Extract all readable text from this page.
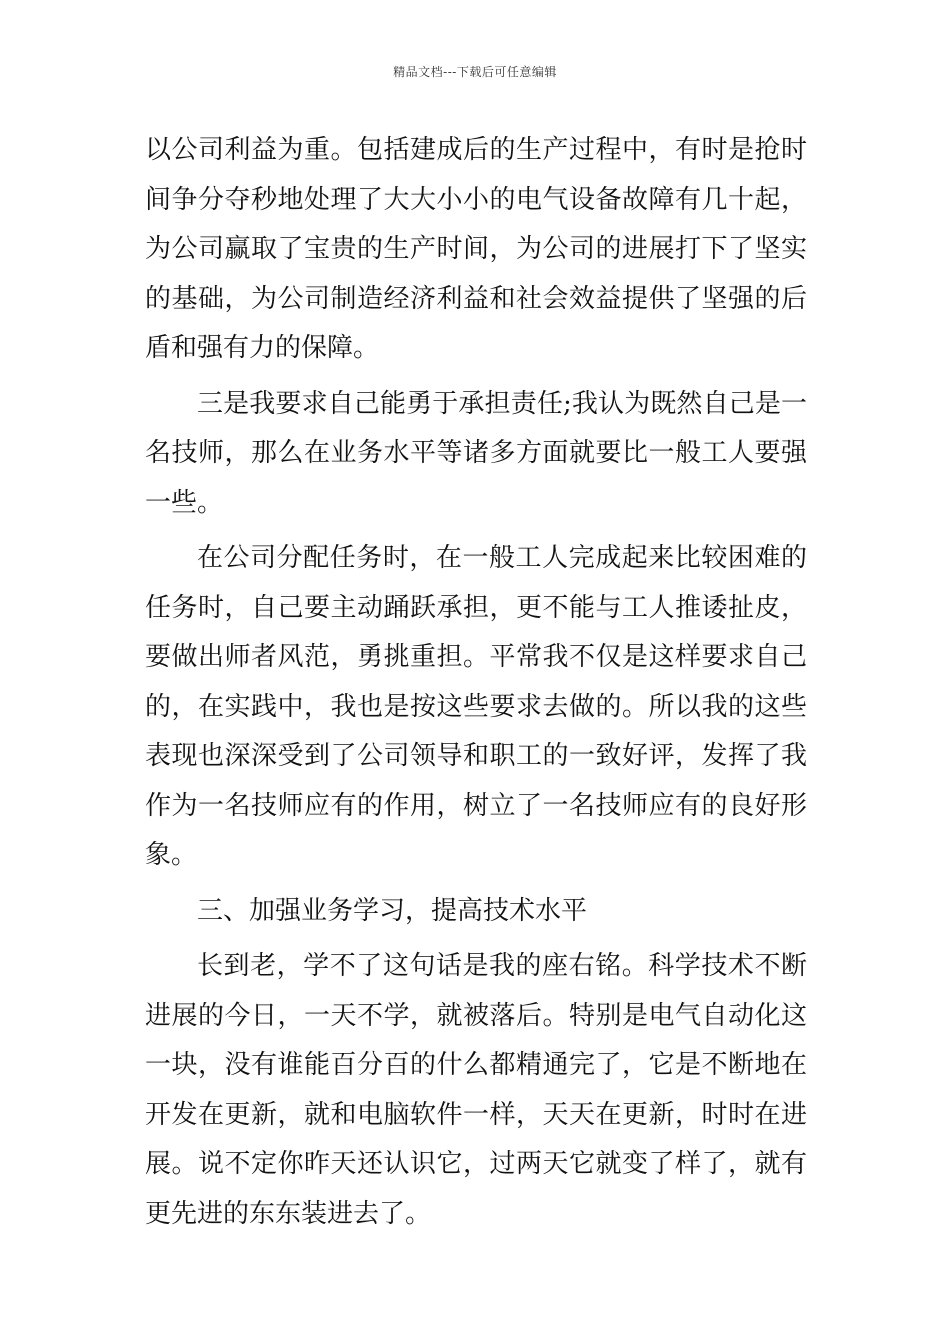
精品文档---下载后可任意编辑

以公司利益为重。包括建成后的生产过程中，有时是抢时间争分夺秒地处理了大大小小的电气设备故障有几十起，为公司赢取了宝贵的生产时间，为公司的进展打下了坚实的基础，为公司制造经济利益和社会效益提供了坚强的后盾和强有力的保障。

三是我要求自己能勇于承担责任;我认为既然自己是一名技师，那么在业务水平等诸多方面就要比一般工人要强一些。

在公司分配任务时，在一般工人完成起来比较困难的任务时，自己要主动踊跃承担，更不能与工人推诿扯皮，要做出师者风范，勇挑重担。平常我不仅是这样要求自己的，在实践中，我也是按这些要求去做的。所以我的这些表现也深深受到了公司领导和职工的一致好评，发挥了我作为一名技师应有的作用，树立了一名技师应有的良好形象。

三、加强业务学习，提高技术水平

长到老，学不了这句话是我的座右铭。科学技术不断进展的今日，一天不学，就被落后。特别是电气自动化这一块，没有谁能百分百的什么都精通完了，它是不断地在开发在更新，就和电脑软件一样，天天在更新，时时在进展。说不定你昨天还认识它，过两天它就变了样了，就有更先进的东东装进去了。
